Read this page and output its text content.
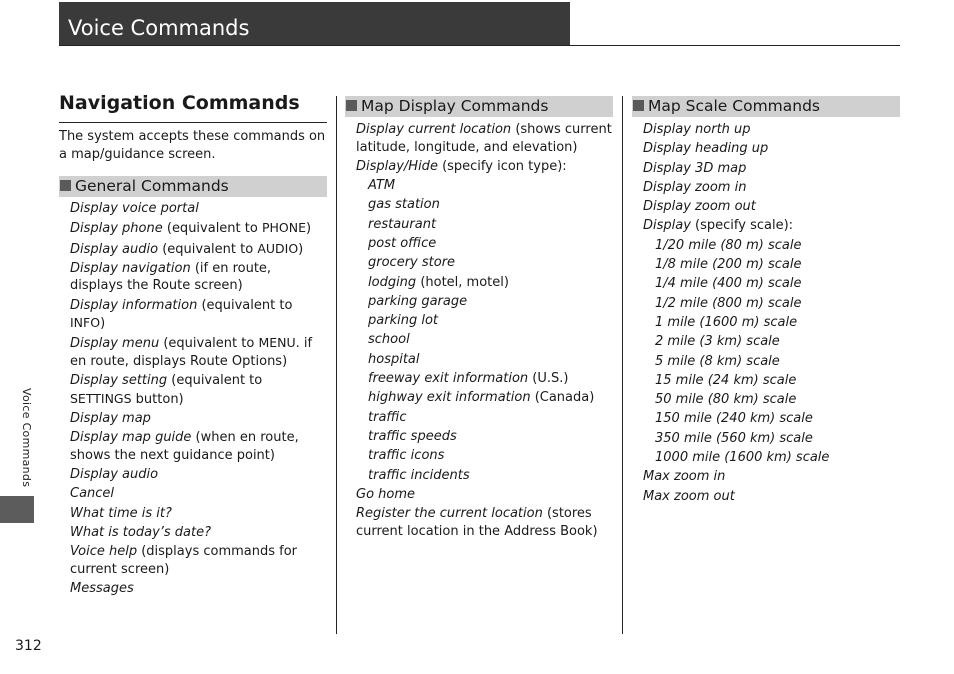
Voice Commands
Voice Commands
312
Navigation Commands
The system accepts these commands on a map/guidance screen.
General Commands
Display voice portal
Display phone (equivalent to PHONE)
Display audio (equivalent to AUDIO)
Display navigation (if en route, displays the Route screen)
Display information (equivalent to INFO)
Display menu (equivalent to MENU. if en route, displays Route Options)
Display setting (equivalent to SETTINGS button)
Display map
Display map guide (when en route, shows the next guidance point)
Display audio
Cancel
What time is it?
What is today’s date?
Voice help (displays commands for current screen)
Messages
Map Display Commands
Display current location (shows current latitude, longitude, and elevation)
Display/Hide (specify icon type):
ATM
gas station
restaurant
post office
grocery store
lodging (hotel, motel)
parking garage
parking lot
school
hospital
freeway exit information (U.S.)
highway exit information (Canada)
traffic
traffic speeds
traffic icons
traffic incidents
Go home
Register the current location (stores current location in the Address Book)
Map Scale Commands
Display north up
Display heading up
Display 3D map
Display zoom in
Display zoom out
Display (specify scale):
1/20 mile (80 m) scale
1/8 mile (200 m) scale
1/4 mile (400 m) scale
1/2 mile (800 m) scale
1 mile (1600 m) scale
2 mile (3 km) scale
5 mile (8 km) scale
15 mile (24 km) scale
50 mile (80 km) scale
150 mile (240 km) scale
350 mile (560 km) scale
1000 mile (1600 km) scale
Max zoom in
Max zoom out
